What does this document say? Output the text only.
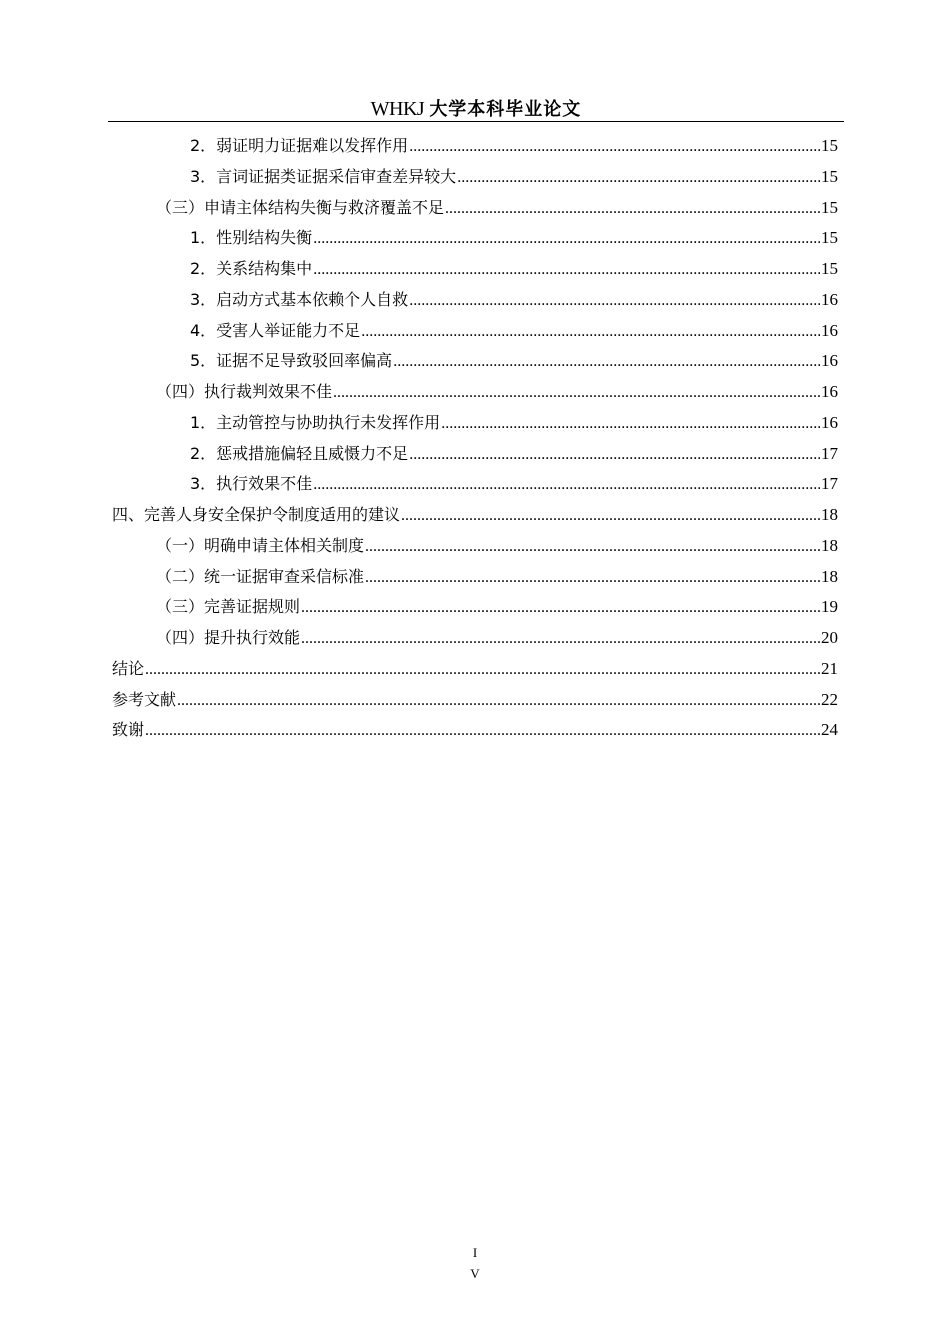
WHKJ 大学本科毕业论文
2．弱证明力证据难以发挥作用 .....	15
3．言词证据类证据采信审查差异较大 .....	15
（三）申请主体结构失衡与救济覆盖不足 .....	15
1．性别结构失衡 .....	15
2．关系结构集中 .....	15
3．启动方式基本依赖个人自救 .....	16
4．受害人举证能力不足 .....	16
5．证据不足导致驳回率偏高 .....	16
（四）执行裁判效果不佳 .....	16
1．主动管控与协助执行未发挥作用 .....	16
2．惩戒措施偏轻且威慑力不足 .....	17
3．执行效果不佳 .....	17
四、完善人身安全保护令制度适用的建议 .....	18
（一）明确申请主体相关制度 .....	18
（二）统一证据审查采信标准 .....	18
（三）完善证据规则 .....	19
（四）提升执行效能 .....	20
结论 .....	21
参考文献 .....	22
致谢 .....	24
I
V
